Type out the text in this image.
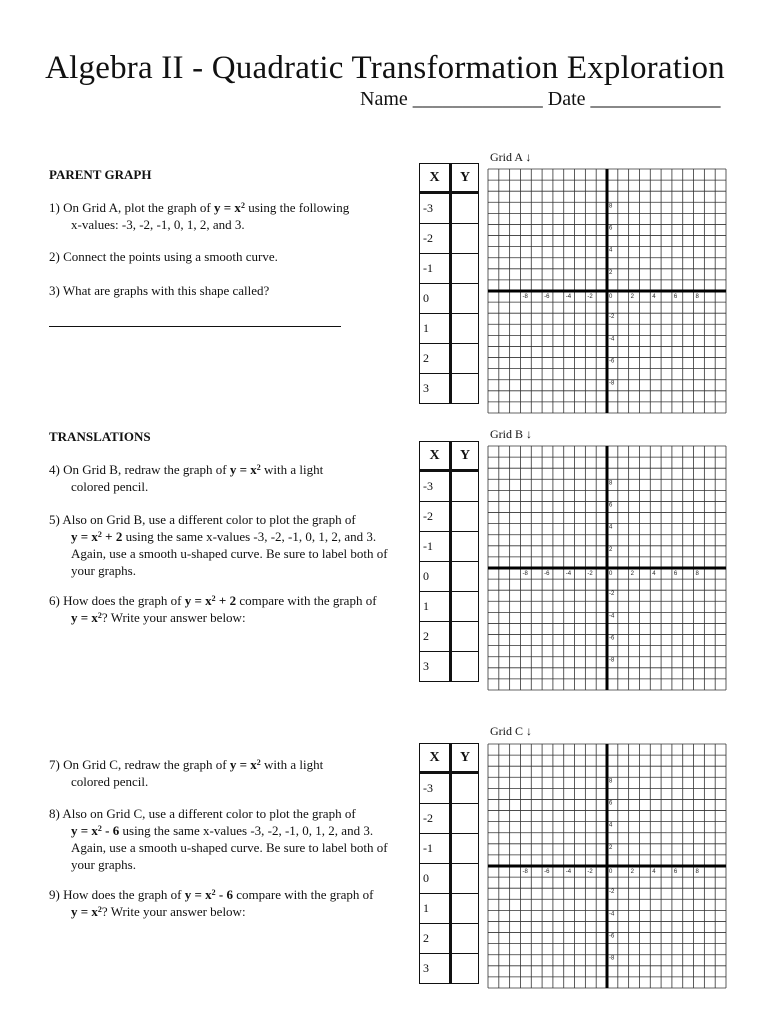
Algebra II - Quadratic Transformation Exploration
Name _____________ Date _____________
PARENT GRAPH
1) On Grid A, plot the graph of $y = x^2$ using the following
x-values: -3, -2, -1, 0, 1, 2, and 3.
2) Connect the points using a smooth curve.
3) What are graphs with this shape called?
TRANSLATIONS
4) On Grid B, redraw the graph of $y = x^2$ with a light
colored pencil.
5) Also on Grid B, use a different color to plot the graph of
$y = x^2 + 2$ using the same x-values -3, -2, -1, 0, 1, 2, and 3.
Again, use a smooth u-shaped curve. Be sure to label both of
your graphs.
6) How does the graph of $y = x^2 + 2$ compare with the graph of
$y = x^2$? Write your answer below:
7) On Grid C, redraw the graph of $y = x^2$ with a light
colored pencil.
8) Also on Grid C, use a different color to plot the graph of
$y = x^2 - 6$ using the same x-values -3, -2, -1, 0, 1, 2, and 3.
Again, use a smooth u-shaped curve. Be sure to label both of
your graphs.
9) How does the graph of $y = x^2 - 6$ compare with the graph of
$y = x^2$? Write your answer below:
X	Y
-3	
-2	
-1	
0	
1	
2	
3	
X	Y
-3	
-2	
-1	
0	
1	
2	
3	
X	Y
-3	
-2	
-1	
0	
1	
2	
3	
Grid A ↓
Grid B ↓
Grid C ↓
-8	-6	-4	-2	0	2	4	6	8
8
6
4
2
-2
-4
-6
-8
-8	-6	-4	-2	0	2	4	6	8
8
6
4
2
-2
-4
-6
-8
-8	-6	-4	-2	0	2	4	6	8
8
6
4
2
-2
-4
-6
-8
